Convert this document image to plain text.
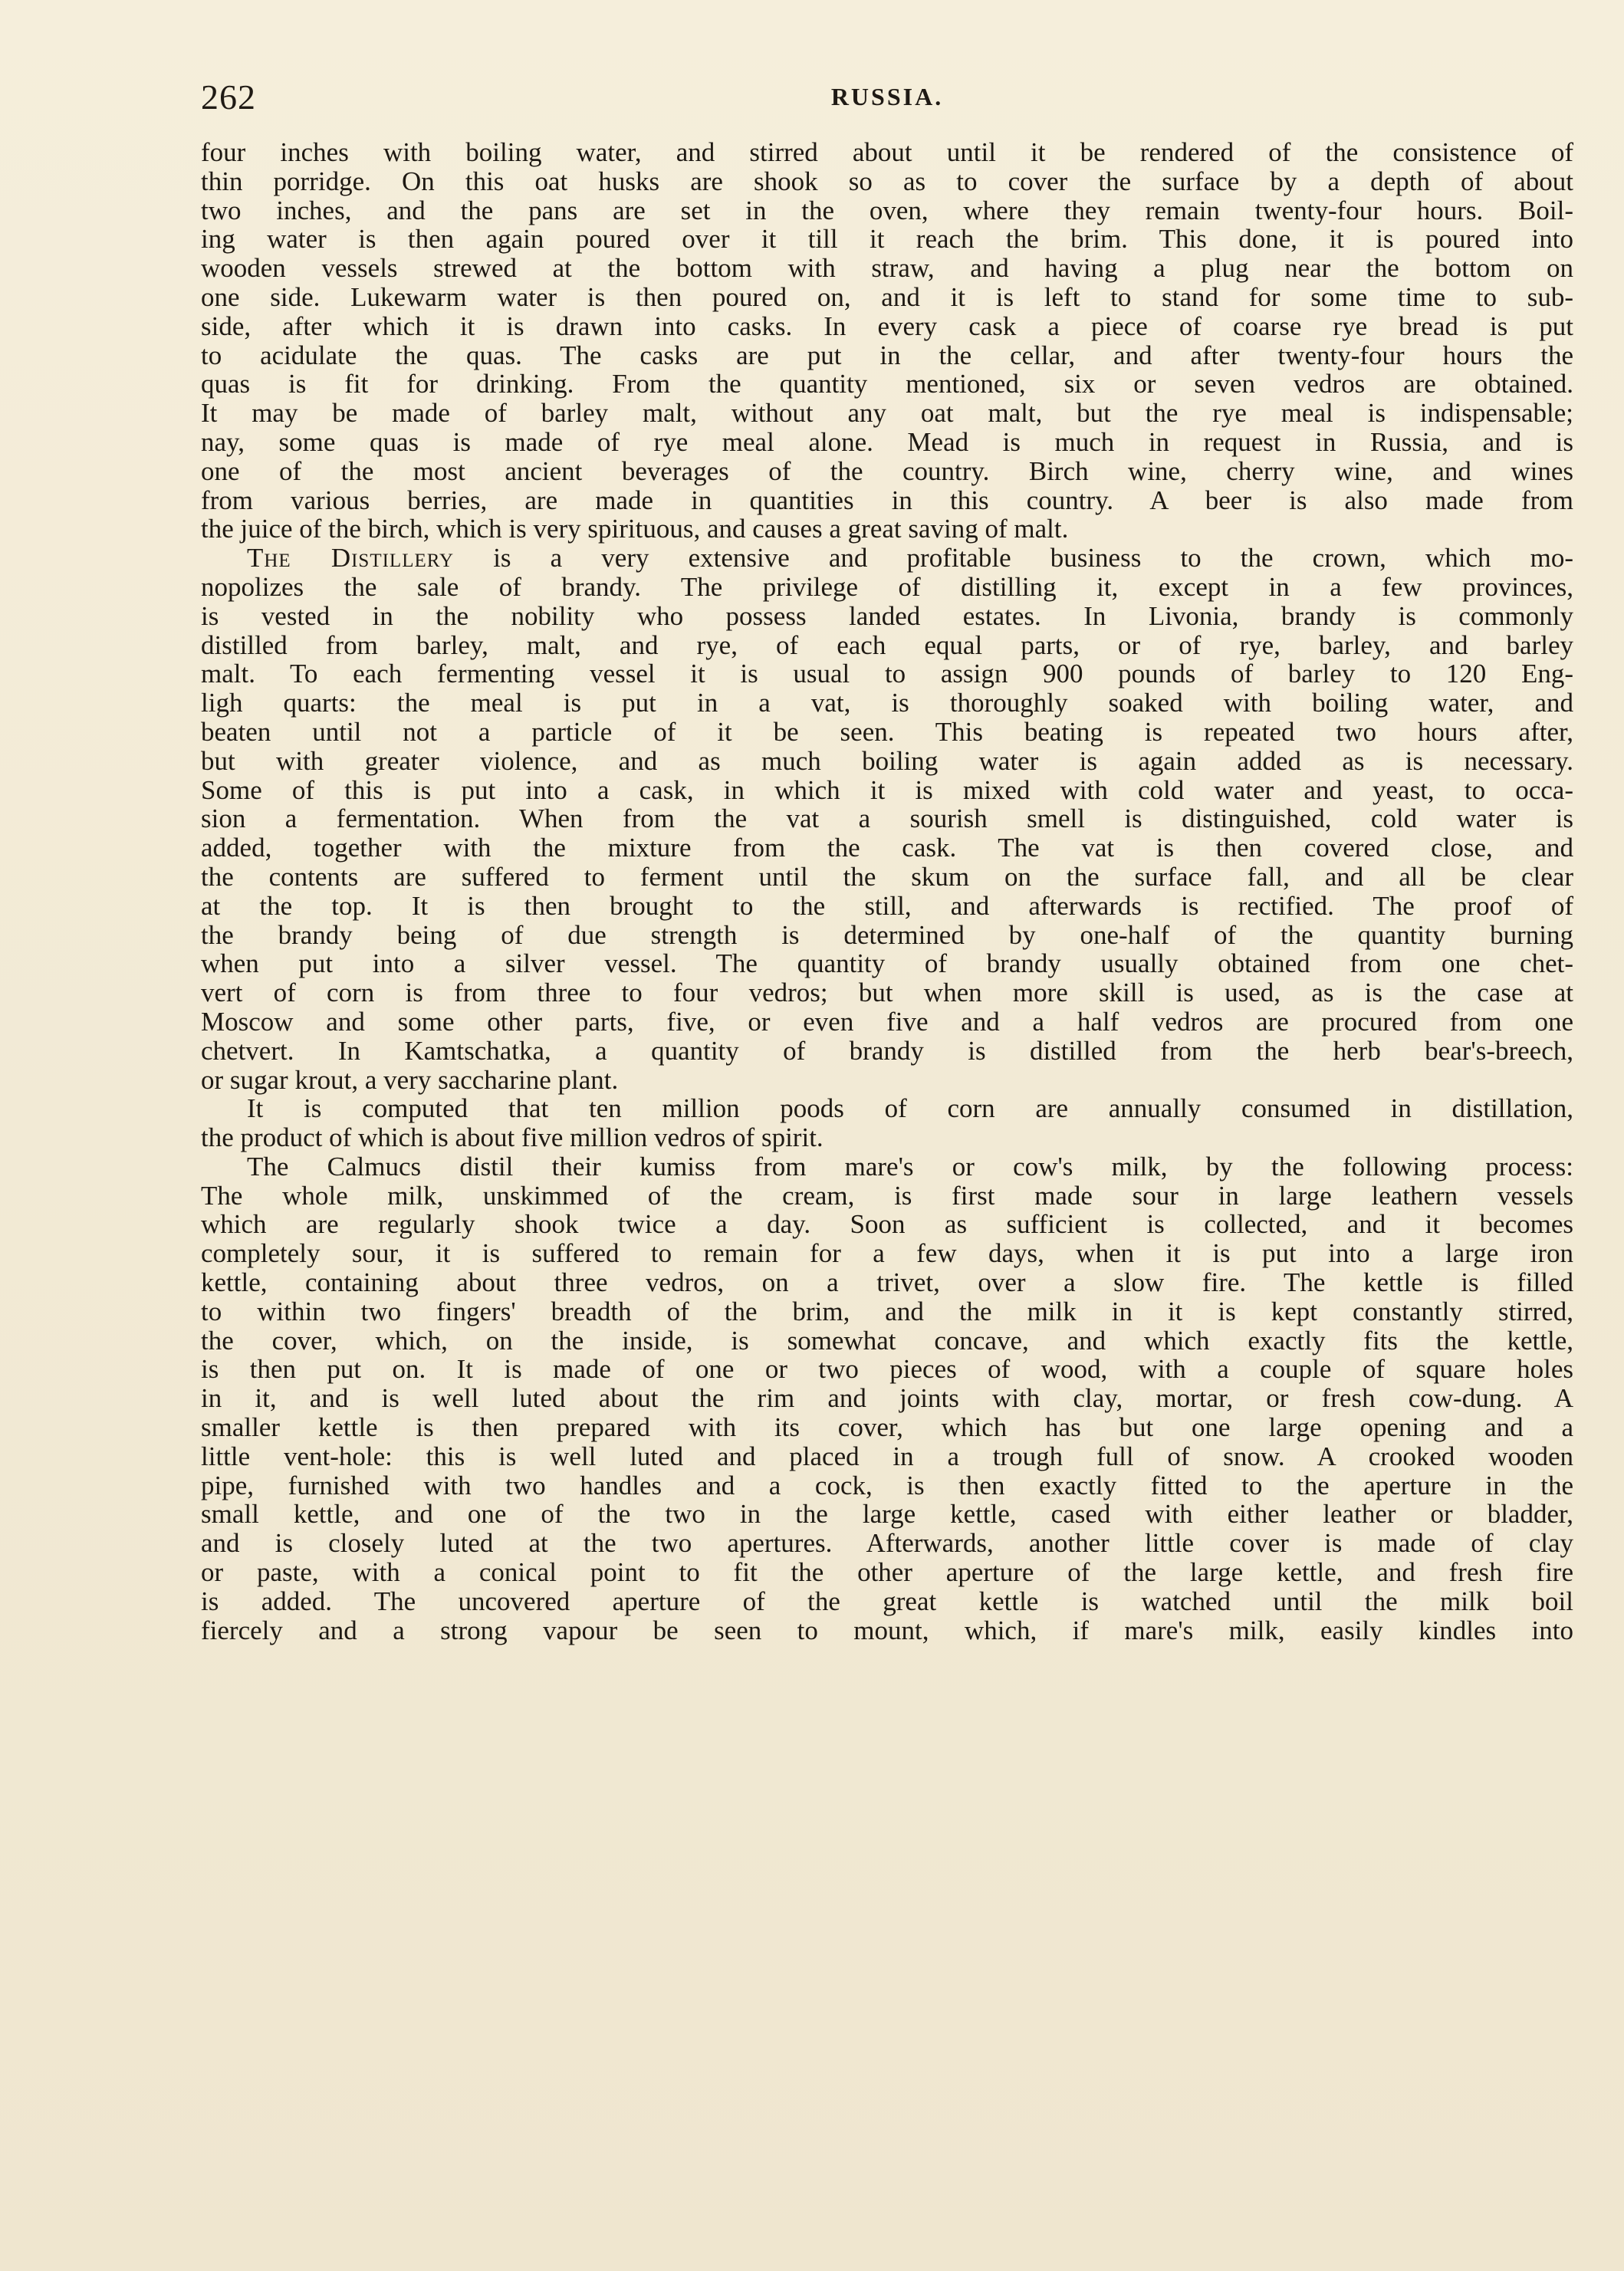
262	RUSSIA.
four inches with boiling water, and stirred about until it be rendered of the consistence of
thin porridge. On this oat husks are shook so as to cover the surface by a depth of about
two inches, and the pans are set in the oven, where they remain twenty-four hours. Boil-
ing water is then again poured over it till it reach the brim. This done, it is poured into
wooden vessels strewed at the bottom with straw, and having a plug near the bottom on
one side. Lukewarm water is then poured on, and it is left to stand for some time to sub-
side, after which it is drawn into casks. In every cask a piece of coarse rye bread is put
to acidulate the quas. The casks are put in the cellar, and after twenty-four hours the
quas is fit for drinking. From the quantity mentioned, six or seven vedros are obtained.
It may be made of barley malt, without any oat malt, but the rye meal is indispensable;
nay, some quas is made of rye meal alone. Mead is much in request in Russia, and is
one of the most ancient beverages of the country. Birch wine, cherry wine, and wines
from various berries, are made in quantities in this country. A beer is also made from
the juice of the birch, which is very spirituous, and causes a great saving of malt.
The Distillery is a very extensive and profitable business to the crown, which mo-
nopolizes the sale of brandy. The privilege of distilling it, except in a few provinces,
is vested in the nobility who possess landed estates. In Livonia, brandy is commonly
distilled from barley, malt, and rye, of each equal parts, or of rye, barley, and barley
malt. To each fermenting vessel it is usual to assign 900 pounds of barley to 120 Eng-
ligh quarts: the meal is put in a vat, is thoroughly soaked with boiling water, and
beaten until not a particle of it be seen. This beating is repeated two hours after,
but with greater violence, and as much boiling water is again added as is necessary.
Some of this is put into a cask, in which it is mixed with cold water and yeast, to occa-
sion a fermentation. When from the vat a sourish smell is distinguished, cold water is
added, together with the mixture from the cask. The vat is then covered close, and
the contents are suffered to ferment until the skum on the surface fall, and all be clear
at the top. It is then brought to the still, and afterwards is rectified. The proof of
the brandy being of due strength is determined by one-half of the quantity burning
when put into a silver vessel. The quantity of brandy usually obtained from one chet-
vert of corn is from three to four vedros; but when more skill is used, as is the case at
Moscow and some other parts, five, or even five and a half vedros are procured from one
chetvert. In Kamtschatka, a quantity of brandy is distilled from the herb bear's-breech,
or sugar krout, a very saccharine plant.
It is computed that ten million poods of corn are annually consumed in distillation,
the product of which is about five million vedros of spirit.
The Calmucs distil their kumiss from mare's or cow's milk, by the following process:
The whole milk, unskimmed of the cream, is first made sour in large leathern vessels
which are regularly shook twice a day. Soon as sufficient is collected, and it becomes
completely sour, it is suffered to remain for a few days, when it is put into a large iron
kettle, containing about three vedros, on a trivet, over a slow fire. The kettle is filled
to within two fingers' breadth of the brim, and the milk in it is kept constantly stirred,
the cover, which, on the inside, is somewhat concave, and which exactly fits the kettle,
is then put on. It is made of one or two pieces of wood, with a couple of square holes
in it, and is well luted about the rim and joints with clay, mortar, or fresh cow-dung. A
smaller kettle is then prepared with its cover, which has but one large opening and a
little vent-hole: this is well luted and placed in a trough full of snow. A crooked wooden
pipe, furnished with two handles and a cock, is then exactly fitted to the aperture in the
small kettle, and one of the two in the large kettle, cased with either leather or bladder,
and is closely luted at the two apertures. Afterwards, another little cover is made of clay
or paste, with a conical point to fit the other aperture of the large kettle, and fresh fire
is added. The uncovered aperture of the great kettle is watched until the milk boil
fiercely and a strong vapour be seen to mount, which, if mare's milk, easily kindles into
